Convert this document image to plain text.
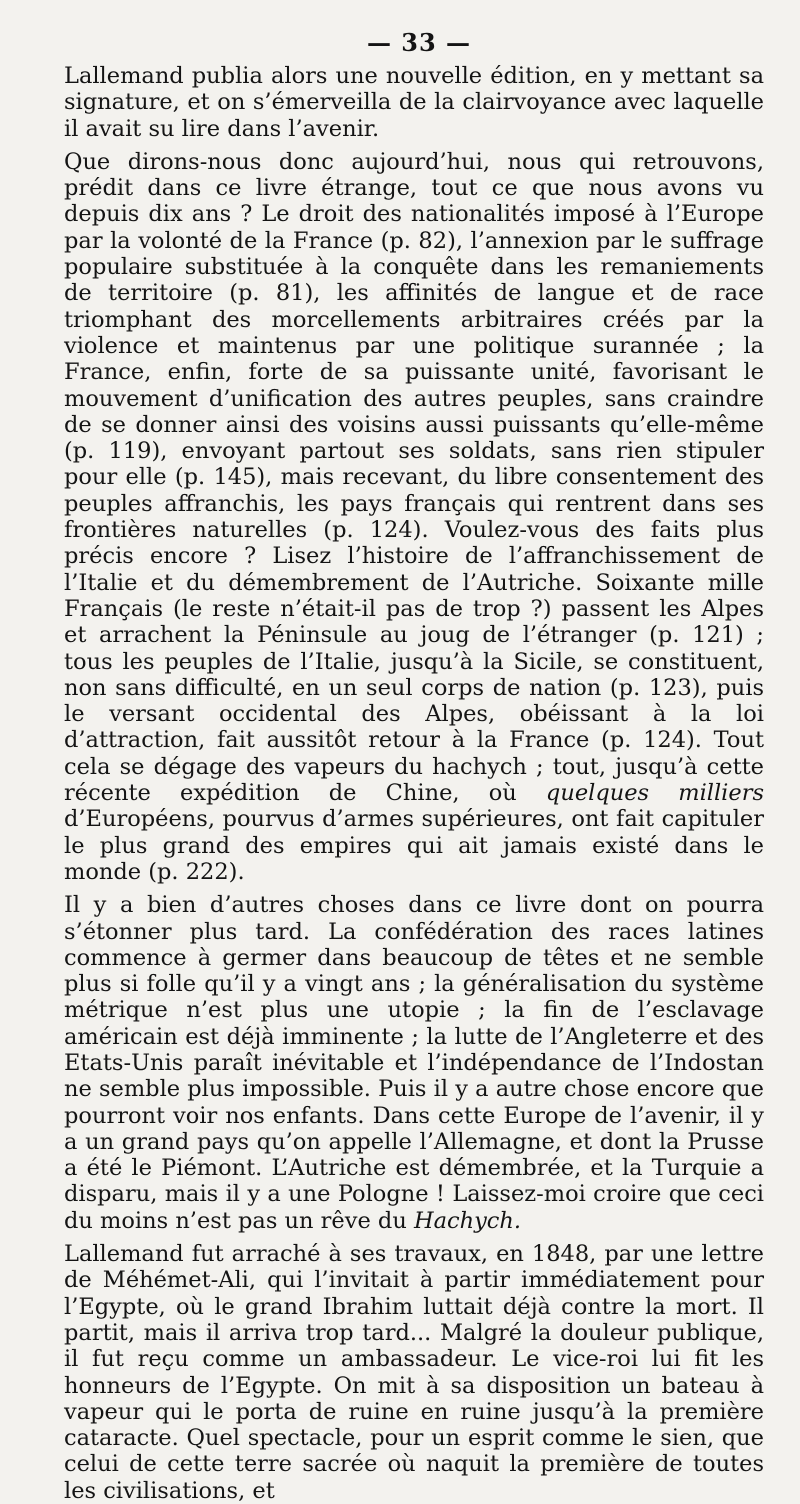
— 33 —

Lallemand publia alors une nouvelle édition, en y mettant sa signature, et on s’émerveilla de la clairvoyance avec laquelle il avait su lire dans l’avenir.

Que dirons-nous donc aujourd’hui, nous qui retrouvons, prédit dans ce livre étrange, tout ce que nous avons vu depuis dix ans ? Le droit des nationalités imposé à l’Europe par la volonté de la France (p. 82), l’annexion par le suffrage populaire substituée à la conquête dans les remaniements de territoire (p. 81), les affinités de langue et de race triomphant des morcellements arbitraires créés par la violence et maintenus par une politique surannée ; la France, enfin, forte de sa puissante unité, favorisant le mouvement d’unification des autres peuples, sans craindre de se donner ainsi des voisins aussi puissants qu’elle-même (p. 119), envoyant partout ses soldats, sans rien stipuler pour elle (p. 145), mais recevant, du libre consentement des peuples affranchis, les pays français qui rentrent dans ses frontières naturelles (p. 124). Voulez-vous des faits plus précis encore ? Lisez l’histoire de l’affranchissement de l’Italie et du démembrement de l’Autriche. Soixante mille Français (le reste n’était-il pas de trop ?) passent les Alpes et arrachent la Péninsule au joug de l’étranger (p. 121) ; tous les peuples de l’Italie, jusqu’à la Sicile, se constituent, non sans difficulté, en un seul corps de nation (p. 123), puis le versant occidental des Alpes, obéissant à la loi d’attraction, fait aussitôt retour à la France (p. 124). Tout cela se dégage des vapeurs du hachych ; tout, jusqu’à cette récente expédition de Chine, où quelques milliers d’Européens, pourvus d’armes supérieures, ont fait capituler le plus grand des empires qui ait jamais existé dans le monde (p. 222).

Il y a bien d’autres choses dans ce livre dont on pourra s’étonner plus tard. La confédération des races latines commence à germer dans beaucoup de têtes et ne semble plus si folle qu’il y a vingt ans ; la généralisation du système métrique n’est plus une utopie ; la fin de l’esclavage américain est déjà imminente ; la lutte de l’Angleterre et des Etats-Unis paraît inévitable et l’indépendance de l’Indostan ne semble plus impossible. Puis il y a autre chose encore que pourront voir nos enfants. Dans cette Europe de l’avenir, il y a un grand pays qu’on appelle l’Allemagne, et dont la Prusse a été le Piémont. L’Autriche est démembrée, et la Turquie a disparu, mais il y a une Pologne ! Laissez-moi croire que ceci du moins n’est pas un rêve du Hachych.

Lallemand fut arraché à ses travaux, en 1848, par une lettre de Méhémet-Ali, qui l’invitait à partir immédiatement pour l’Egypte, où le grand Ibrahim luttait déjà contre la mort. Il partit, mais il arriva trop tard... Malgré la douleur publique, il fut reçu comme un ambassadeur. Le vice-roi lui fit les honneurs de l’Egypte. On mit à sa disposition un bateau à vapeur qui le porta de ruine en ruine jusqu’à la première cataracte. Quel spectacle, pour un esprit comme le sien, que celui de cette terre sacrée où naquit la première de toutes les civilisations, et
